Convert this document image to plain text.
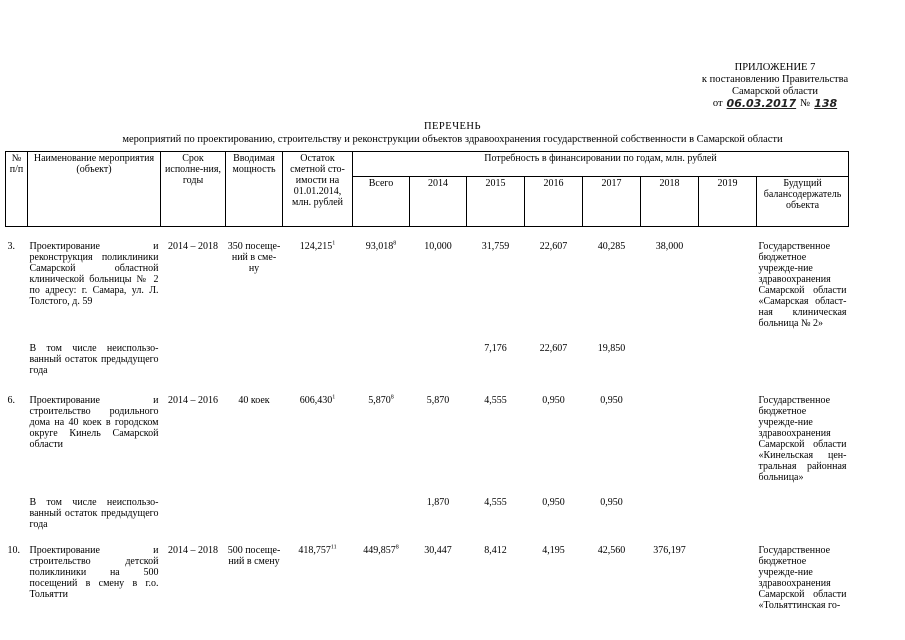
ПРИЛОЖЕНИЕ 7
к постановлению Правительства
Самарской области
от 06.03.2017 № 138
ПЕРЕЧЕНЬ
мероприятий по проектированию, строительству и реконструкции объектов здравоохранения государственной собственности в Самарской области
№ п/п	Наименование мероприятия (объект)	Срок исполне-ния, годы	Вводимая мощность	Остаток сметной сто-имости на 01.01.2014, млн. рублей	Потребность в финансировании по годам, млн. рублей							
					Всего	2014	2015	2016	2017	2018	2019	Будущий балансодержатель объекта
3.	Проектирование и реконструкция поликлиники Самарской областной клинической больницы № 2 по адресу: г. Самара, ул. Л. Толстого, д. 59	2014 – 2018	350 посеще-ний в сме-ну	124,215$^1$	93,018$^8$	10,000	31,759	22,607	40,285	38,000		Государственное бюджетное учрежде-ние здравоохранения Самарской области «Самарская област-ная клиническая больница № 2»
	В том числе неиспользо-ванный остаток предыдущего года						7,176	22,607	19,850			
6.	Проектирование и строительство родильного дома на 40 коек в городском округе Кинель Самарской области	2014 – 2016	40 коек	606,430$^1$	5,870$^8$	5,870	4,555	0,950	0,950			Государственное бюджетное учрежде-ние здравоохранения Самарской области «Кинельская цен-тральная районная больница»
	В том числе неиспользо-ванный остаток предыдущего года					1,870	4,555	0,950	0,950			
10.	Проектирование и строительство детской поликлиники на 500 посещений в смену в г.о. Тольятти	2014 – 2018	500 посеще-ний в смену	418,757$^{11}$	449,857$^8$	30,447	8,412	4,195	42,560	376,197		Государственное бюджетное учрежде-ние здравоохранения Самарской области «Тольяттинская го-
